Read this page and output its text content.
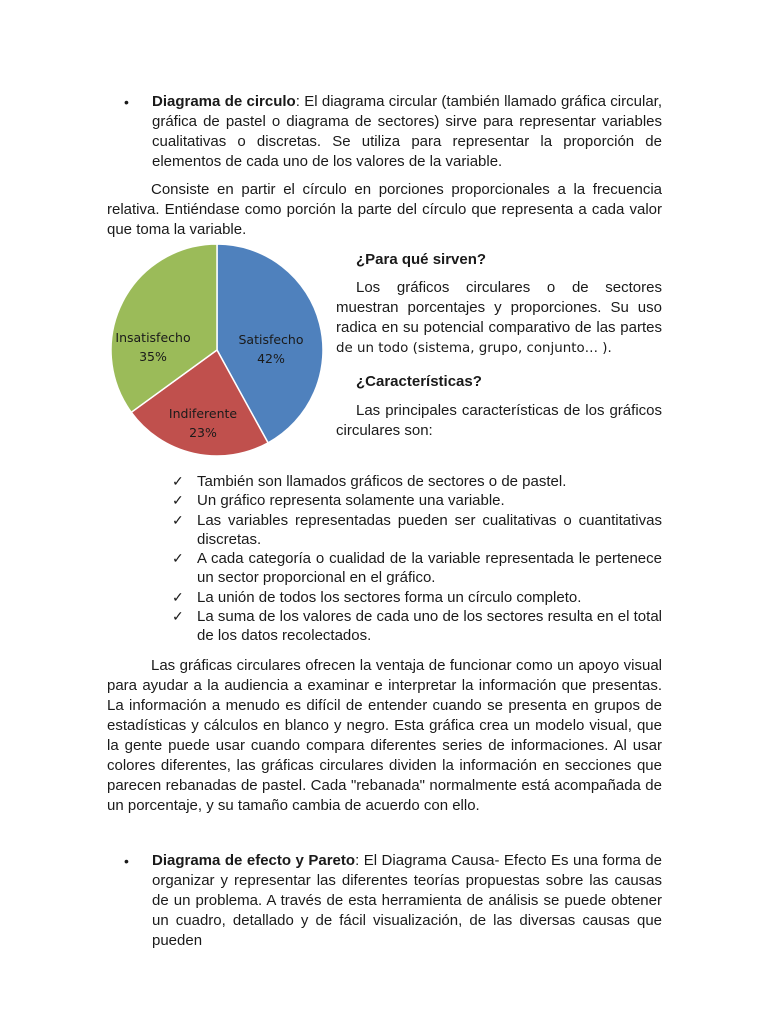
• Diagrama de circulo: El diagrama circular (también llamado gráfica circular, gráfica de pastel o diagrama de sectores) sirve para representar variables cualitativas o discretas. Se utiliza para representar la proporción de elementos de cada uno de los valores de la variable.
Consiste en partir el círculo en porciones proporcionales a la frecuencia relativa. Entiéndase como porción la parte del círculo que representa a cada valor que toma la variable.
Satisfecho
42%
Indiferente
23%
Insatisfecho
35%

¿Para qué sirven?

Los gráficos circulares o de sectores muestran porcentajes y proporciones. Su uso radica en su potencial comparativo de las partes de un todo (sistema, grupo, conjunto… ).

¿Características?

Las principales características de los gráficos circulares son:

✓ También son llamados gráficos de sectores o de pastel.
✓ Un gráfico representa solamente una variable.
✓ Las variables representadas pueden ser cualitativas o cuantitativas discretas.
✓ A cada categoría o cualidad de la variable representada le pertenece un sector proporcional en el gráfico.
✓ La unión de todos los sectores forma un círculo completo.
✓ La suma de los valores de cada uno de los sectores resulta en el total de los datos recolectados.
Las gráficas circulares ofrecen la ventaja de funcionar como un apoyo visual para ayudar a la audiencia a examinar e interpretar la información que presentas. La información a menudo es difícil de entender cuando se presenta en grupos de estadísticas y cálculos en blanco y negro. Esta gráfica crea un modelo visual, que la gente puede usar cuando compara diferentes series de informaciones. Al usar colores diferentes, las gráficas circulares dividen la información en secciones que parecen rebanadas de pastel. Cada "rebanada" normalmente está acompañada de un porcentaje, y su tamaño cambia de acuerdo con ello.
• Diagrama de efecto y Pareto: El Diagrama Causa- Efecto Es una forma de organizar y representar las diferentes teorías propuestas sobre las causas de un problema. A través de esta herramienta de análisis se puede obtener un cuadro, detallado y de fácil visualización, de las diversas causas que pueden
